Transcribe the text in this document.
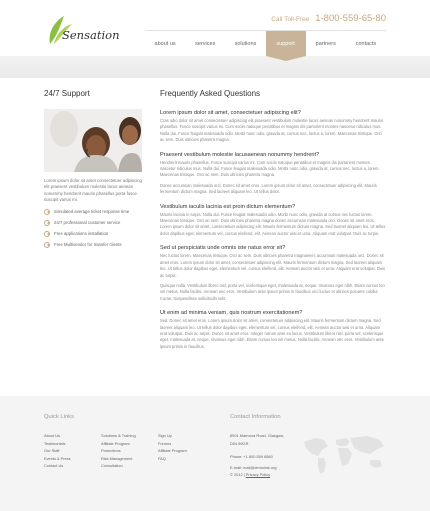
Sensation
Call Toll-Free 1-800-559-65-80
about us	services	solutions	support	partners	contacts
24/7 Support
Lorem ipsum dolor sit amet consectetuer adipiscing elit praesent vestibulum molestie lacus aenean nonummy hendrerit mauris phasellus porta fusce suscipit varius mi.
Simulated average ticket response time
24/7 professional customer service
Free applications installation
Free Multivendor for transfer clients
Frequently Asked Questions
Lorem ipsum dolor sit amet, consectetuer adipiscing elit?
Cras odio dolor sit amet consectetuer adipiscing elit praesent vestibulum molestie lacus aenean nonummy hendrerit mauris phasellus. Fusce suscipit varius mi. Cum sociis natoque penatibus et magnis dis parturient montes nascetur ridiculus mus. Nulla dui. Fusce feugiat malesuada odio. Morbi nunc odio, gravida at, cursus nec, luctus a, lorem. Maecenas tristique. Orci ac sem. Duis ultricies pharetra magna.
Praesent vestibulum molestie lacusaenean nonummy hendrerit?
Hendrerit mauris phasellus. Fusce suscipit varius mi. Cum sociis natoque penatibus et magnis dis parturient montes nascetur ridiculus mus. Nulla dui. Fusce feugiat malesuada odio. Morbi nunc odio, gravida at, cursus nec, luctus a, lorem. Maecenas tristique. Orci ac sem. Duis ultricies pharetra magna.
Donec accumsan malesuada orci. Donec sit amet eros. Lorem ipsum dolor sit amet, consectetuer adipiscing elit. Mauris fermentum dictum magna. Sed laoreet aliquam leo. Ut tellus dolor.
Vestibulum iaculis lacinia est proin dictum elementum?
Mauris lacinia in turpis. Nulla dui. Fusce feugiat malesuada odio. Morbi nunc odio, gravida at cursus nec luctus lorem. Maecenas tristique. Orci ac sem. Duis ultricies pharetra magna donec accumsan malesuada orci. Donec sit amet eros. Lorem ipsum dolor sit amet, consectetuer adipiscing elit. Mauris fermentum dictum magna. Sed laoreet aliquam leo. Ut tellus dolor dapibus eget, elementum vel, cursus eleifend, elit. Aenean auctor wisi et urna. Aliquam erat volutpat. Duis ac turpis.
Sed ut perspiciatis unde omnis iste natus error sit?
Nec luctus lorem. Maecenas tristique. Orci ac sem. Duis ultricies pharetra magnaenec accumsan malesuada orci. Donec sit amet eros. Lorem ipsum dolor sit amet, consectetuer adipiscing elit. Mauris fermentum dictum magna. Sed laoreet aliquam leo. Ut tellus dolor dapibus eget, elementum vel, cursus eleifend, elit. Aenean auctor wisi et urna. Aliquam erat volutpat. Duis ac turpis.
Quisque nulla. Vestibulum libero nisl, porta vel, scelerisque eget, malesuada at, neque. Vivamus eget nibh. Etiam cursus leo vel metus. Nulla facilisi. Aenean nec eros. Vestibulum ante ipsum primis in faucibus orci luctus et ultrices posuere cubilia Curae; Suspendisse sollicitudin velit.
Ut enim ad minima veniam, quis nostrum exercitationem?
Sed. Donec sit amet eros. Lorem ipsum dolor sit amet, consectetuer adipiscing elit. Mauris fermentum dictum magna. Sed laoreet aliquam leo. Ut tellus dolor dapibus eget, elementum vel, cursus eleifend, elit. Aenean auctor wisi et urna. Aliquam erat volutpat. Duis ac turpis. Donec sit amet eros. Integer rutrum ante eu lacus. Vestibulum libero nisl, porta vel, scelerisque eget, malesuada at, neque. Vivamus eget nibh. Etiam cursus leo vel metus. Nulla facilisi. Aenean nec eros. Vestibulum ante ipsum primis in faucibus.
Quick Links
About Us
Testimonials
Our Staff
Events & Press
Contact Us
Solutions & Training
Affiliate Program
Promotions
Risk Management
Consultation
Sign Up
Forums
Affiliate Program
FAQ
Contact Information
8901 Marmora Road, Glasgow,
D04 89GR
Phone: +1 800 559 6580
E-mail: mail@demolink.org
© 2012 | Privacy Policy
